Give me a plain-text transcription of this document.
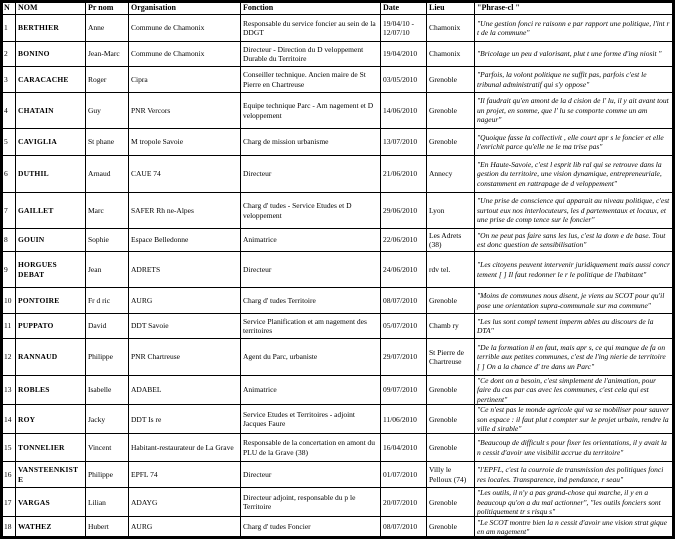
N	NOM	Pr nom	Organisation	Fonction	Date	Lieu	"Phrase-cl "
1	BERTHIER	Anne	Commune de Chamonix	Responsable du service foncier au sein de la DDGT	19/04/10 - 12/07/10	Chamonix	"Une gestion fonci re raisonn e par rapport une politique, l'int r t de la commune"
2	BONINO	Jean-Marc	Commune de Chamonix	Directeur - Direction du D veloppement Durable du Territoire	19/04/2010	Chamonix	"Bricolage un peu d valorisant, plut t une forme d'ing niosit "
3	CARACACHE	Roger	Cipra	Conseiller technique. Ancien maire de St Pierre en Chartreuse	03/05/2010	Grenoble	"Parfois, la volont politique ne suffit pas, parfois c'est le tribunal administratif qui s'y oppose"
4	CHATAIN	Guy	PNR Vercors	Equipe technique Parc - Am nagement et D veloppement	14/06/2010	Grenoble	"Il faudrait qu'en amont de la d cision de l' lu, il y ait avant tout un projet, en somme, que l' lu se comporte comme un am nageur"
5	CAVIGLIA	St phane	M tropole Savoie	Charg de mission urbanisme	13/07/2010	Grenoble	"Quoique fasse la collectivit , elle court apr s le foncier et elle l'enrichit parce qu'elle ne le ma trise pas"
6	DUTHIL	Arnaud	CAUE 74	Directeur	21/06/2010	Annecy	"En Haute-Savoie, c'est l esprit lib ral qui se retrouve dans la gestion du territoire, une vision dynamique, entrepreneuriale, constamment en rattrapage de d veloppement"
7	GAILLET	Marc	SAFER Rh ne-Alpes	Charg d' tudes - Service Etudes et D veloppement	29/06/2010	Lyon	"Une prise de conscience qui apparait au niveau politique, c'est surtout eux nos interlocuteurs, les d partementaux et locaux, et une prise de comp tence sur le foncier"
8	GOUIN	Sophie	Espace Belledonne	Animatrice	22/06/2010	Les Adrets (38)	"On ne peut pas faire sans les lus, c'est la donn e de base. Tout est donc question de sensibilisation"
9	HORGUES DEBAT	Jean	ADRETS	Directeur	24/06/2010	rdv tel.	"Les citoyens peuvent intervenir juridiquement mais aussi concr tement [ ] Il faut redonner le r le politique de l'habitant"
10	PONTOIRE	Fr d ric	AURG	Charg d' tudes Territoire	08/07/2010	Grenoble	"Moins de communes nous disent, je viens au SCOT pour qu'il pose une orientation supra-communale sur ma commune"
11	PUPPATO	David	DDT Savoie	Service Planification et am nagement des territoires	05/07/2010	Chamb ry	"Les lus sont compl tement imperm ables au discours de la DTA"
12	RANNAUD	Philippe	PNR Chartreuse	Agent du Parc, urbaniste	29/07/2010	St Pierre de Chartreuse	"De la formation il en faut, mais apr s, ce qui manque de fa on terrible aux petites communes, c'est de l'ing nierie de territoire [ ] On a la chance d' tre dans un Parc"
13	ROBLES	Isabelle	ADABEL	Animatrice	09/07/2010	Grenoble	"Ce dont on a besoin, c'est simplement de l'animation, pour faire du cas par cas avec les communes, c'est cela qui est pertinent"
14	ROY	Jacky	DDT Is re	Service Etudes et Territoires - adjoint Jacques Faure	11/06/2010	Grenoble	"Ce n'est pas le monde agricole qui va se mobiliser pour sauver son espace : il faut plut t compter sur le projet urbain, rendre la ville d sirable"
15	TONNELIER	Vincent	Habitant-restaurateur de La Grave	Responsable de la concertation en amont du PLU de la Grave (38)	16/04/2010	Grenoble	"Beaucoup de difficult s pour fixer les orientations, il y avait la n cessit d'avoir une visibilit accrue du territoire"
16	VANSTEENKISTE	Philippe	EPFL 74	Directeur	01/07/2010	Villy le Pelloux (74)	"l'EPFL, c'est la courroie de transmission des politiques fonci res locales. Transparence, ind pendance, r seau"
17	VARGAS	Lilian	ADAYG	Directeur adjoint, responsable du p le Territoire	20/07/2010	Grenoble	"Les outils, il n'y a pas grand-chose qui marche, il y en a beaucoup qu'on a du mal actionner", "les outils fonciers sont politiquement tr s risqu s"
18	WATHEZ	Hubert	AURG	Charg d' tudes Foncier	08/07/2010	Grenoble	"Le SCOT montre bien la n cessit d'avoir une vision strat gique en am nagement"
